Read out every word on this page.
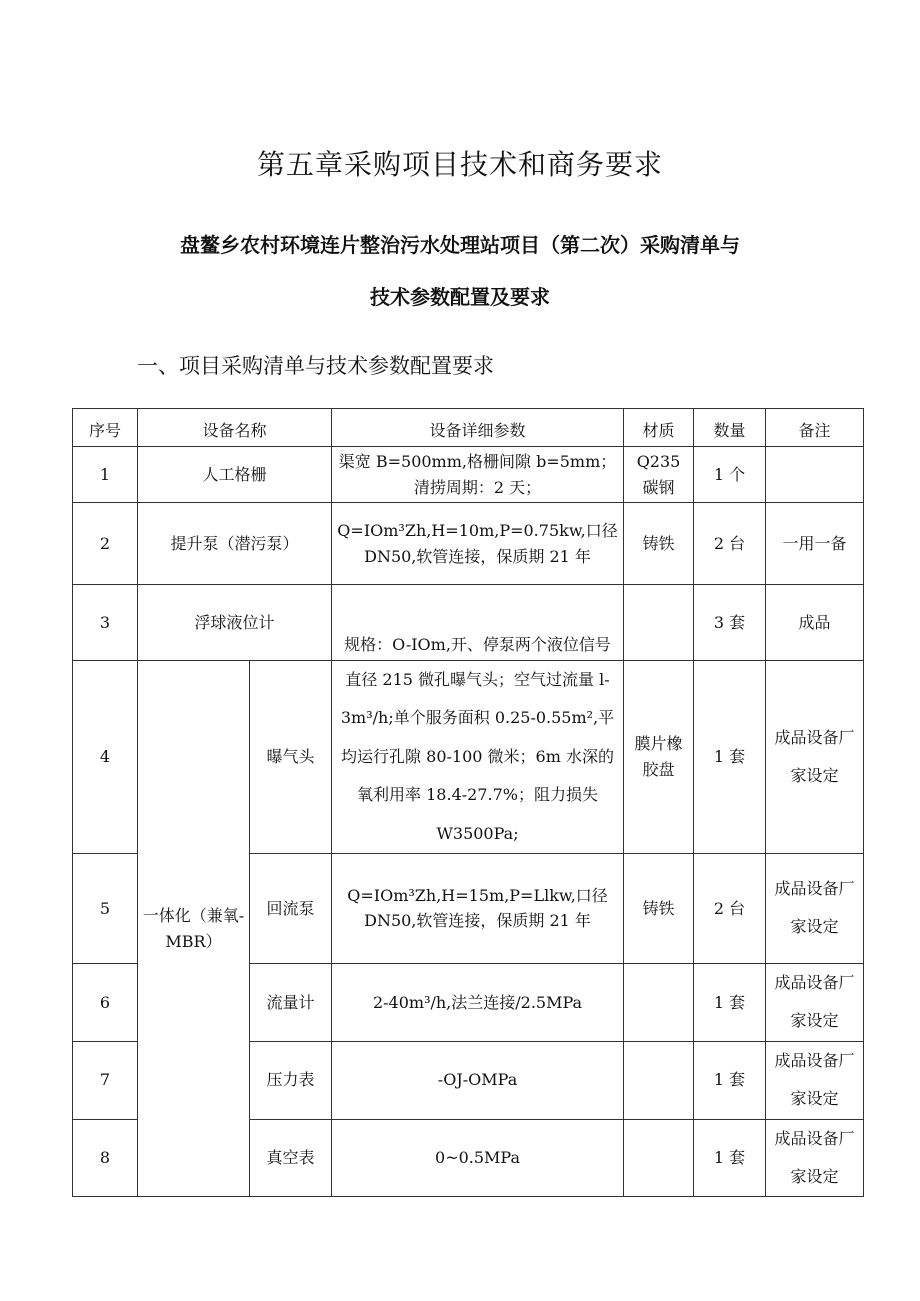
第五章采购项目技术和商务要求
盘鳌乡农村环境连片整治污水处理站项目（第二次）采购清单与
技术参数配置及要求
一、项目采购清单与技术参数配置要求
序号	设备名称		设备详细参数	材质	数量	备注
1	人工格栅		渠宽 B=500mm,格栅间隙 b=5mm；清捞周期：2 天；	Q235 碳钢	1 个	
2	提升泵（潜污泵）		Q=IOm³Zh,H=10m,P=0.75kw,口径 DN50,软管连接，保质期 21 年	铸铁	2 台	一用一备
3	浮球液位计		规格：O-IOm,开、停泵两个液位信号		3 套	成品
4	一体化（兼氧-MBR）	曝气头	直径 215 微孔曝气头；空气过流量 l-3m³/h;单个服务面积 0.25-0.55m²,平均运行孔隙 80-100 微米；6m 水深的氧利用率 18.4-27.7%；阻力损失 W3500Pa;	膜片橡胶盘	1 套	成品设备厂家设定
5		回流泵	Q=IOm³Zh,H=15m,P=Llkw,口径 DN50,软管连接，保质期 21 年	铸铁	2 台	成品设备厂家设定
6		流量计	2-40m³/h,法兰连接/2.5MPa		1 套	成品设备厂家设定
7		压力表	-OJ-OMPa		1 套	成品设备厂家设定
8		真空表	0~0.5MPa		1 套	成品设备厂家设定
